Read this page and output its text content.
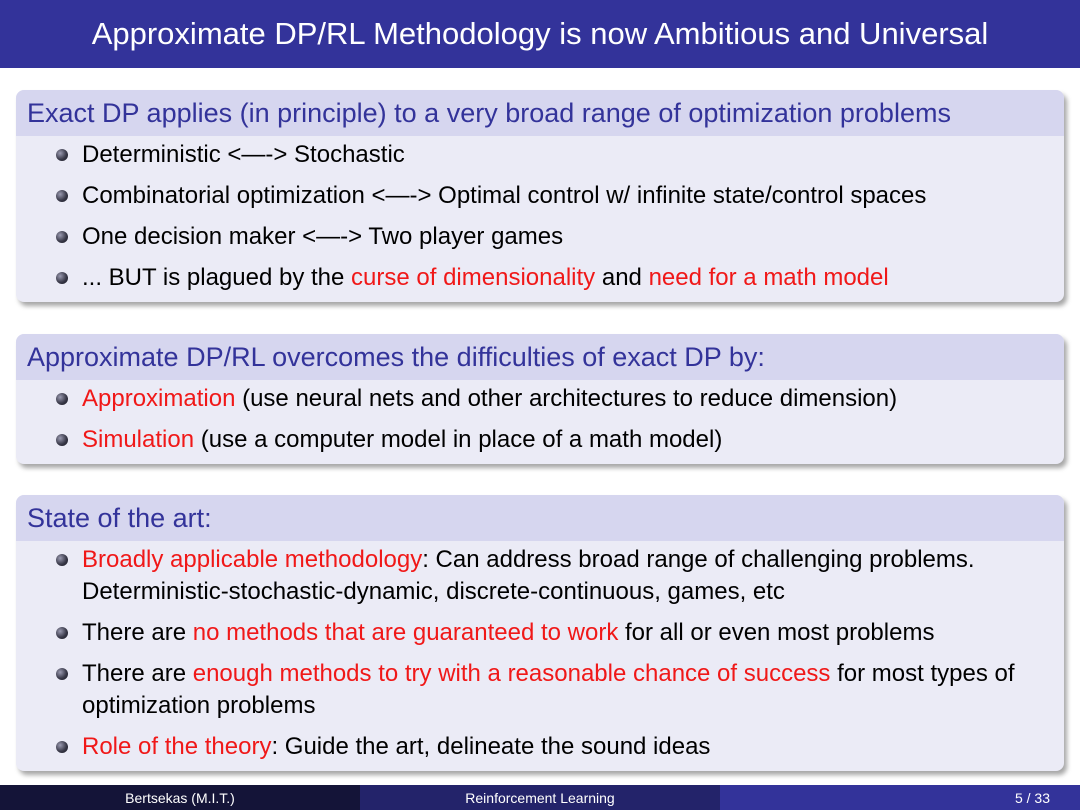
Approximate DP/RL Methodology is now Ambitious and Universal
Exact DP applies (in principle) to a very broad range of optimization problems
Deterministic <—-> Stochastic
Combinatorial optimization <—-> Optimal control w/ infinite state/control spaces
One decision maker <—-> Two player games
... BUT is plagued by the curse of dimensionality and need for a math model
Approximate DP/RL overcomes the difficulties of exact DP by:
Approximation (use neural nets and other architectures to reduce dimension)
Simulation (use a computer model in place of a math model)
State of the art:
Broadly applicable methodology: Can address broad range of challenging problems. Deterministic-stochastic-dynamic, discrete-continuous, games, etc
There are no methods that are guaranteed to work for all or even most problems
There are enough methods to try with a reasonable chance of success for most types of optimization problems
Role of the theory: Guide the art, delineate the sound ideas
Bertsekas (M.I.T.)	Reinforcement Learning	5 / 33
